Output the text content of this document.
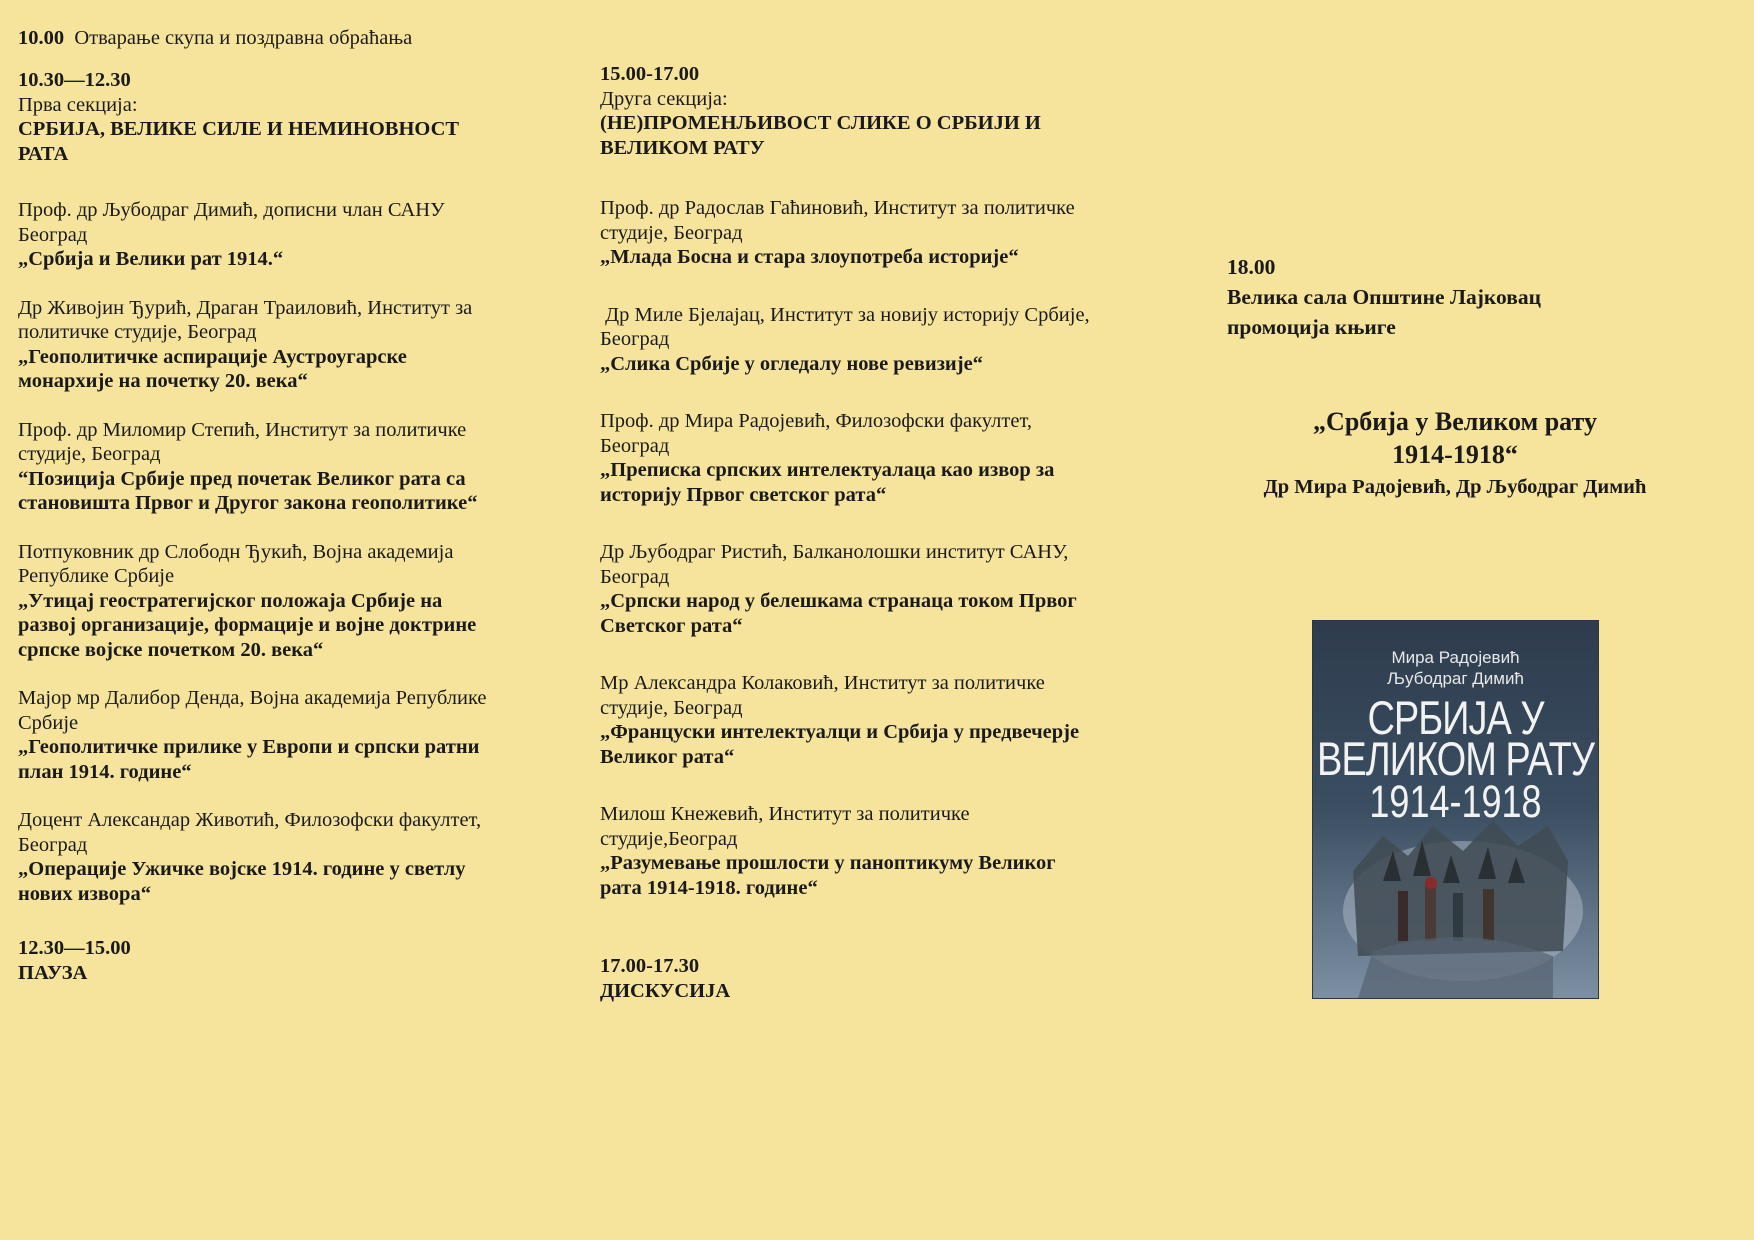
10.00 Отварање скупа и поздравна обраћања
10.30—12.30
Прва секција:
СРБИЈА, ВЕЛИКЕ СИЛЕ И НЕМИНОВНОСТ
РАТА
Проф. др Љубодраг Димић, дописни члан САНУ
Београд
„Србија и Велики рат 1914.“
Др Живојин Ђурић, Драган Траиловић, Институт за
политичке студије, Београд
„Геополитичке аспирације Аустроугарске
монархије на почетку 20. века“
Проф. др Миломир Степић, Институт за политичке
студије, Београд
“Позиција Србије пред почетак Великог рата са
становишта Првог и Другог закона геополитике“
Потпуковник др Слободн Ђукић, Војна академија
Републике Србије
„Утицај геостратегијског положаја Србије на
развој организације, формације и војне доктрине
српске војске почетком 20. века“
Мајор мр Далибор Денда, Војна академија Републике
Србије
„Геополитичке прилике у Европи и српски ратни
план 1914. године“
Доцент Александар Животић, Филозофски факултет,
Београд
„Операције Ужичке војске 1914. године у светлу
нових извора“
12.30—15.00
ПАУЗА
15.00-17.00
Друга секција:
(НЕ)ПРОМЕНЉИВОСТ СЛИКЕ О СРБИЈИ И
ВЕЛИКОМ РАТУ
Проф. др Радослав Гаћиновић, Институт за политичке
студије, Београд
„Млада Босна и стара злоупотреба историје“
Др Миле Бјелајац, Институт за новију историју Србије,
Београд
„Слика Србије у огледалу нове ревизије“
Проф. др Мира Радојевић, Филозофски факултет,
Београд
„Преписка српских интелектуалаца као извор за
историју Првог светског рата“
Др Љубодраг Ристић, Балканолошки институт САНУ,
Београд
„Српски народ у белешкама странаца током Првог
Светског рата“
Мр Александра Колаковић, Институт за политичке
студије, Београд
„Француски интелектуалци и Србија у предвечерје
Великог рата“
Милош Кнежевић, Институт за политичке
студије,Београд
„Разумевање прошлости у паноптикуму Великог
рата 1914-1918. године“
17.00-17.30
ДИСКУСИЈА
18.00
Велика сала Општине Лајковац
промоција књиге
„Србија у Великом рату
1914-1918“
Др Мира Радојевић, Др Љубодраг Димић
Мира Радојевић
Љубодраг Димић
СРБИЈА У
ВЕЛИКОМ РАТУ
1914-1918
